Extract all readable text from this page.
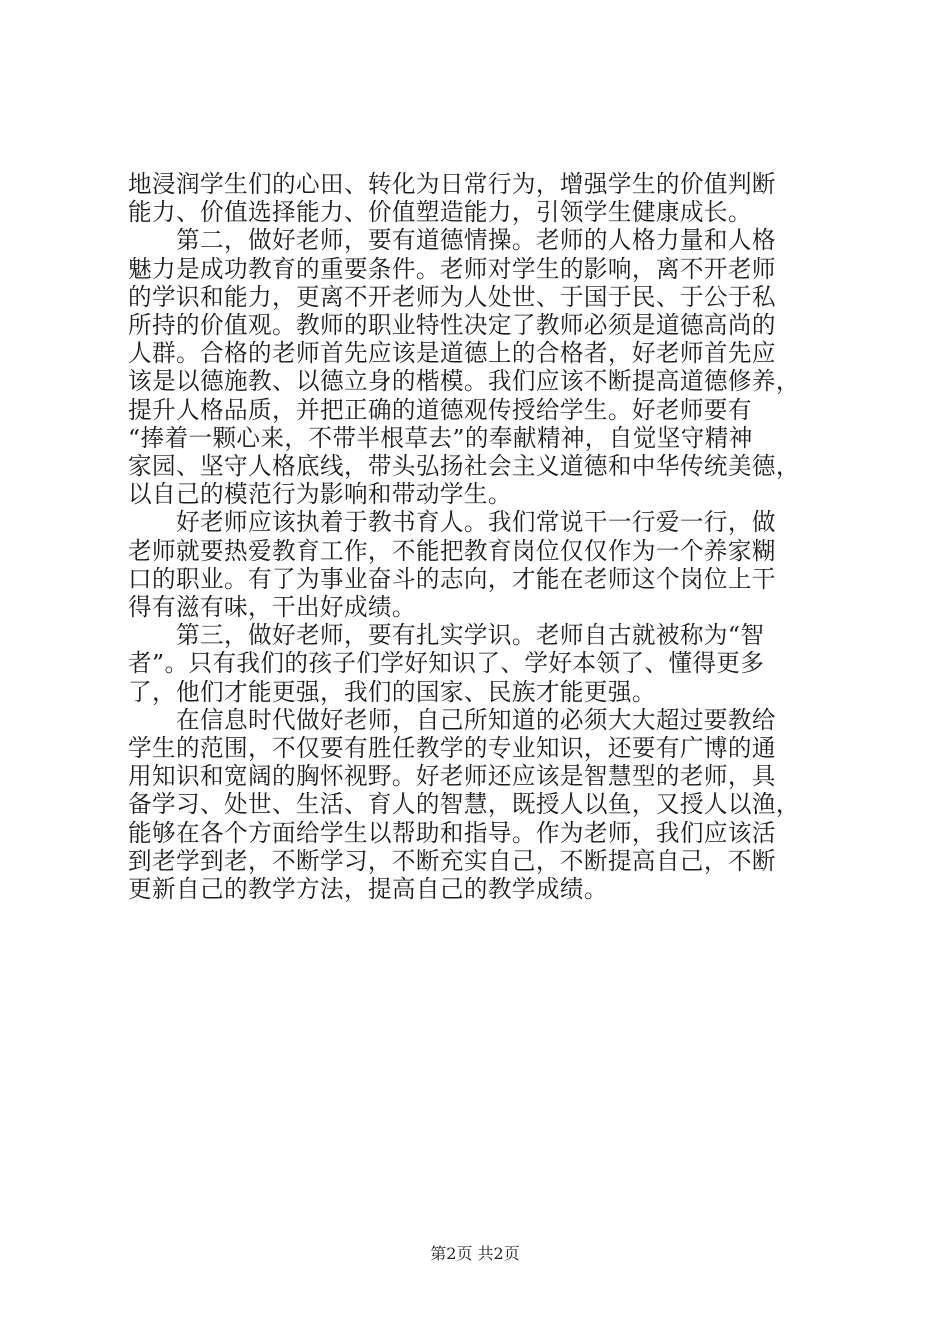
地浸润学生们的心田、转化为日常行为，增强学生的价值判断
能力、价值选择能力、价值塑造能力，引领学生健康成长。
第二，做好老师，要有道德情操。老师的人格力量和人格
魅力是成功教育的重要条件。老师对学生的影响，离不开老师
的学识和能力，更离不开老师为人处世、于国于民、于公于私
所持的价值观。教师的职业特性决定了教师必须是道德高尚的
人群。合格的老师首先应该是道德上的合格者，好老师首先应
该是以德施教、以德立身的楷模。我们应该不断提高道德修养，
提升人格品质，并把正确的道德观传授给学生。好老师要有
“捧着一颗心来，不带半根草去”的奉献精神，自觉坚守精神
家园、坚守人格底线，带头弘扬社会主义道德和中华传统美德，
以自己的模范行为影响和带动学生。
好老师应该执着于教书育人。我们常说干一行爱一行，做
老师就要热爱教育工作，不能把教育岗位仅仅作为一个养家糊
口的职业。有了为事业奋斗的志向，才能在老师这个岗位上干
得有滋有味，干出好成绩。
第三，做好老师，要有扎实学识。老师自古就被称为“智
者”。只有我们的孩子们学好知识了、学好本领了、懂得更多
了，他们才能更强，我们的国家、民族才能更强。
在信息时代做好老师，自己所知道的必须大大超过要教给
学生的范围，不仅要有胜任教学的专业知识，还要有广博的通
用知识和宽阔的胸怀视野。好老师还应该是智慧型的老师，具
备学习、处世、生活、育人的智慧，既授人以鱼，又授人以渔，
能够在各个方面给学生以帮助和指导。作为老师，我们应该活
到老学到老，不断学习，不断充实自己，不断提高自己，不断
更新自己的教学方法，提高自己的教学成绩。
第2页 共2页
